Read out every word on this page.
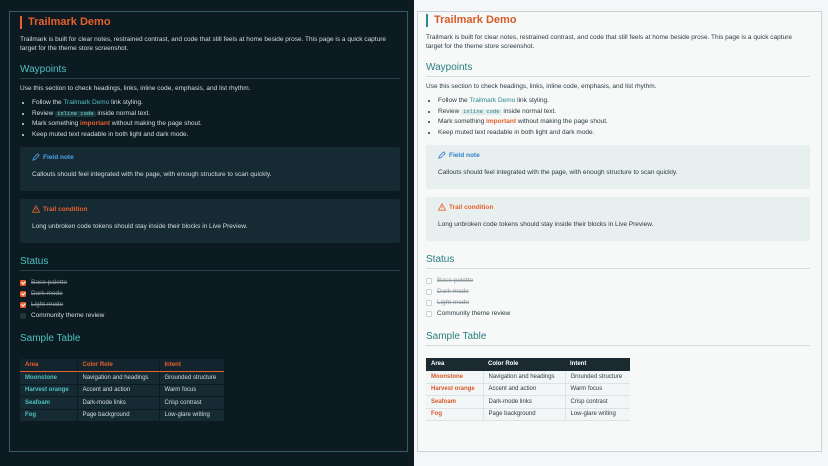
Trailmark Demo

Trailmark is built for clear notes, restrained contrast, and code that still feels at home beside prose. This page is a quick capture target for the theme store screenshot.

Waypoints

Use this section to check headings, links, inline code, emphasis, and list rhythm.

• Follow the Trailmark Demo link styling.
• Review inline code inside normal text.
• Mark something important without making the page shout.
• Keep muted text readable in both light and dark mode.
Field note
Callouts should feel integrated with the page, with enough structure to scan quickly.
Trail condition
Long unbroken code tokens should stay inside their blocks in Live Preview.
Status
Base palette
Dark mode
Light mode
Community theme review
Sample Table
Area	Color Role	Intent
Moonstone	Navigation and headings	Grounded structure
Harvest orange	Accent and action	Warm focus
Seafoam	Dark-mode links	Crisp contrast
Fog	Page background	Low-glare writing
Trailmark Demo

Trailmark is built for clear notes, restrained contrast, and code that still feels at home beside prose. This page is a quick capture target for the theme store screenshot.

Waypoints

Use this section to check headings, links, inline code, emphasis, and list rhythm.

• Follow the Trailmark Demo link styling.
• Review inline code inside normal text.
• Mark something important without making the page shout.
• Keep muted text readable in both light and dark mode.
Field note
Callouts should feel integrated with the page, with enough structure to scan quickly.
Trail condition
Long unbroken code tokens should stay inside their blocks in Live Preview.
Status
Base palette
Dark mode
Light mode
Community theme review
Sample Table
Area	Color Role	Intent
Moonstone	Navigation and headings	Grounded structure
Harvest orange	Accent and action	Warm focus
Seafoam	Dark-mode links	Crisp contrast
Fog	Page background	Low-glare writing
